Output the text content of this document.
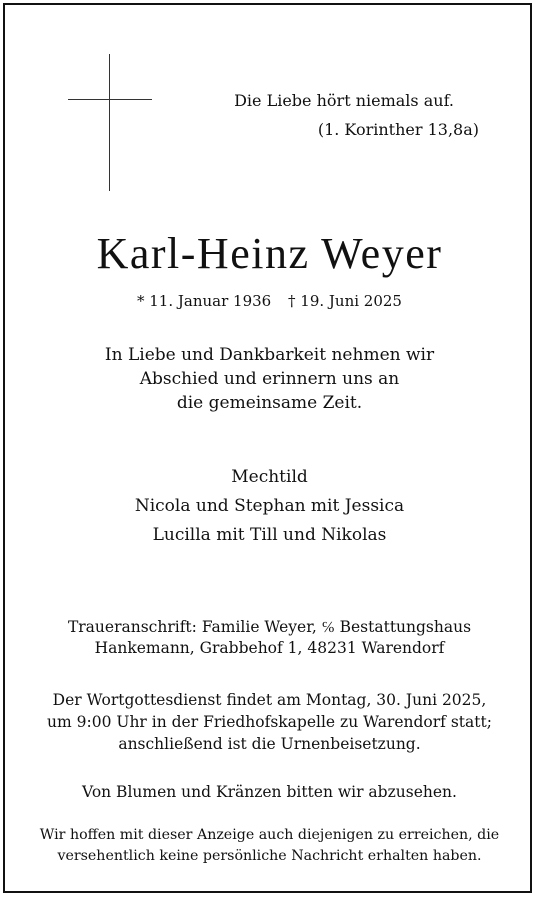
Die Liebe hört niemals auf.
(1. Korinther 13,8a)
Karl-Heinz Weyer
* 11. Januar 1936 † 19. Juni 2025
In Liebe und Dankbarkeit nehmen wir
Abschied und erinnern uns an
die gemeinsame Zeit.
Mechtild
Nicola und Stephan mit Jessica
Lucilla mit Till und Nikolas
Traueranschrift: Familie Weyer, ℅ Bestattungshaus
Hankemann, Grabbehof 1, 48231 Warendorf
Der Wortgottesdienst findet am Montag, 30. Juni 2025,
um 9:00 Uhr in der Friedhofskapelle zu Warendorf statt;
anschließend ist die Urnenbeisetzung.
Von Blumen und Kränzen bitten wir abzusehen.
Wir hoffen mit dieser Anzeige auch diejenigen zu erreichen, die
versehentlich keine persönliche Nachricht erhalten haben.
